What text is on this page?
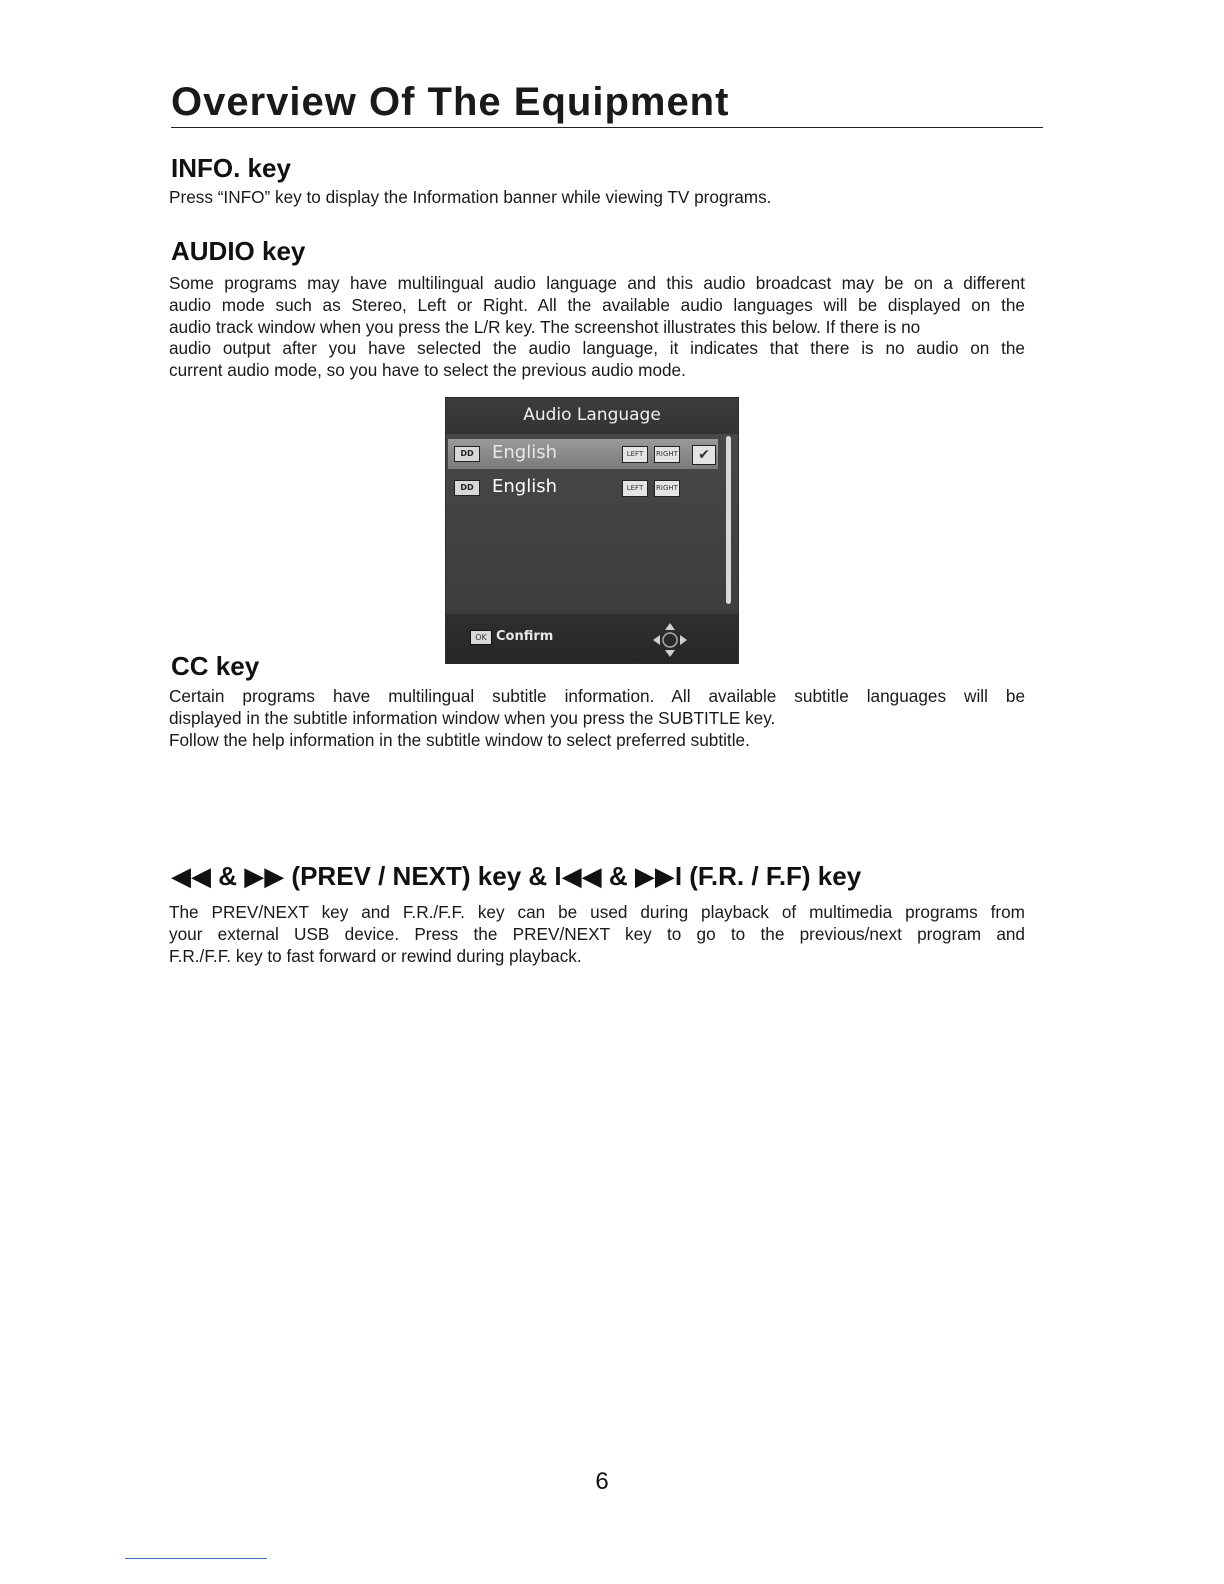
Overview Of The Equipment
INFO. key

Press “INFO” key to display the Information banner while viewing TV programs.

AUDIO key

Some programs may have multilingual audio language and this audio broadcast may be on a different
audio mode such as Stereo, Left or Right. All the available audio languages will be displayed on the
audio track window when you press the L/R key. The screenshot illustrates this below. If there is no
audio output after you have selected the audio language, it indicates that there is no audio on the
current audio mode, so you have to select the previous audio mode.

Audio Language
DD	English	LEFT	RIGHT	✔
DD	English	LEFT	RIGHT
OK Confirm
CC key

Certain programs have multilingual subtitle information. All available subtitle languages will be
displayed in the subtitle information window when you press the SUBTITLE key.
Follow the help information in the subtitle window to select preferred subtitle.

◀◀ & ▶▶ (PREV / NEXT) key & I◀◀ & ▶▶I (F.R. / F.F) key

The PREV/NEXT key and F.R./F.F. key can be used during playback of multimedia programs from
your external USB device. Press the PREV/NEXT key to go to the previous/next program and
F.R./F.F. key to fast forward or rewind during playback.

6
